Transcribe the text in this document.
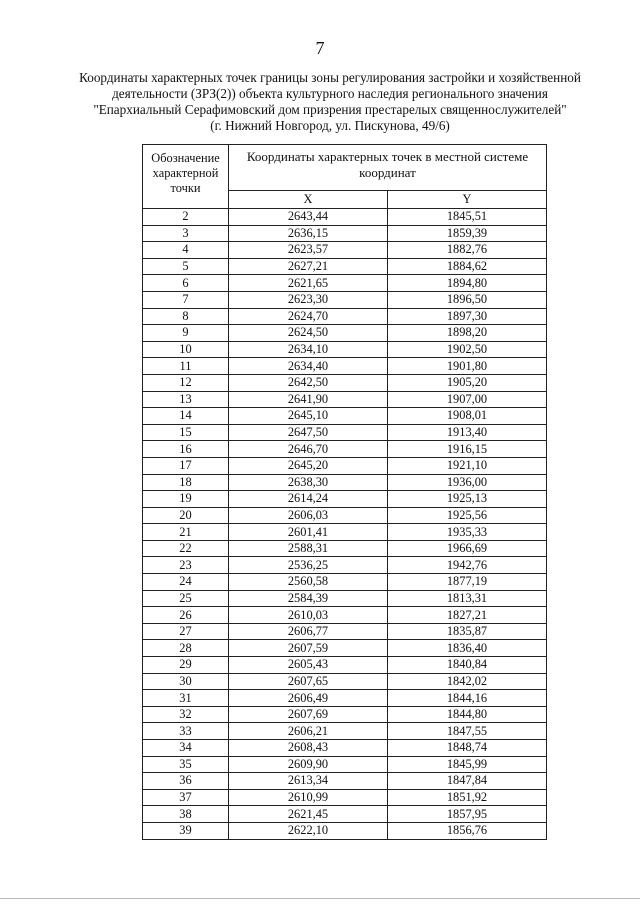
7
Координаты характерных точек границы зоны регулирования застройки и хозяйственной
деятельности (ЗРЗ(2)) объекта культурного наследия регионального значения
"Епархиальный Серафимовский дом призрения престарелых священнослужителей"
(г. Нижний Новгород, ул. Пискунова, 49/6)
Обозначение характерной точки	Координаты характерных точек в местной системе координат	
	X	Y
2	2643,44	1845,51
3	2636,15	1859,39
4	2623,57	1882,76
5	2627,21	1884,62
6	2621,65	1894,80
7	2623,30	1896,50
8	2624,70	1897,30
9	2624,50	1898,20
10	2634,10	1902,50
11	2634,40	1901,80
12	2642,50	1905,20
13	2641,90	1907,00
14	2645,10	1908,01
15	2647,50	1913,40
16	2646,70	1916,15
17	2645,20	1921,10
18	2638,30	1936,00
19	2614,24	1925,13
20	2606,03	1925,56
21	2601,41	1935,33
22	2588,31	1966,69
23	2536,25	1942,76
24	2560,58	1877,19
25	2584,39	1813,31
26	2610,03	1827,21
27	2606,77	1835,87
28	2607,59	1836,40
29	2605,43	1840,84
30	2607,65	1842,02
31	2606,49	1844,16
32	2607,69	1844,80
33	2606,21	1847,55
34	2608,43	1848,74
35	2609,90	1845,99
36	2613,34	1847,84
37	2610,99	1851,92
38	2621,45	1857,95
39	2622,10	1856,76
